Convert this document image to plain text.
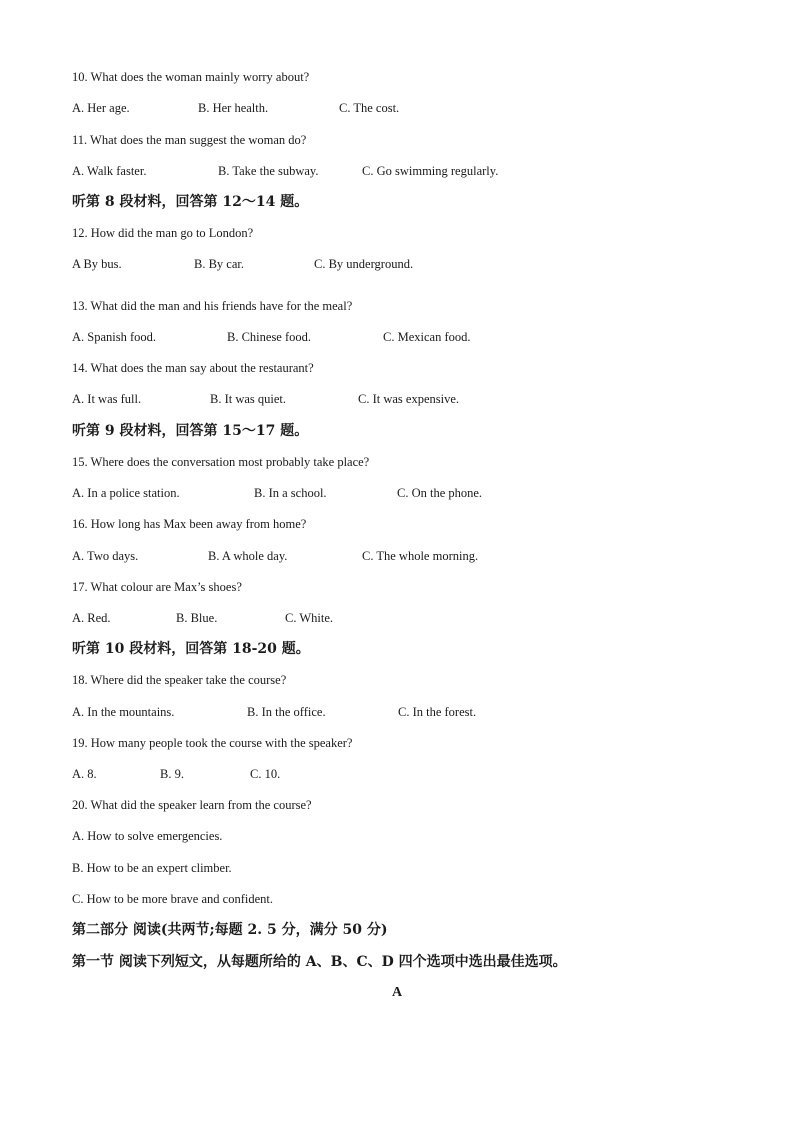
10. What does the woman mainly worry about?
A. Her age.	B. Her health.	C. The cost.
11. What does the man suggest the woman do?
A. Walk faster.	B. Take the subway.	C. Go swimming regularly.
听第 8 段材料，回答第 12～14 题。
12. How did the man go to London?
A By bus.	B. By car.	C. By underground.
13. What did the man and his friends have for the meal?
A. Spanish food.	B. Chinese food.	C. Mexican food.
14. What does the man say about the restaurant?
A. It was full.	B. It was quiet.	C. It was expensive.
听第 9 段材料，回答第 15～17 题。
15. Where does the conversation most probably take place?
A. In a police station.	B. In a school.	C. On the phone.
16. How long has Max been away from home?
A. Two days.	B. A whole day.	C. The whole morning.
17. What colour are Max’s shoes?
A. Red.	B. Blue.	C. White.
听第 10 段材料，回答第 18-20 题。
18. Where did the speaker take the course?
A. In the mountains.	B. In the office.	C. In the forest.
19. How many people took the course with the speaker?
A. 8.	B. 9.	C. 10.
20. What did the speaker learn from the course?
A. How to solve emergencies.
B. How to be an expert climber.
C. How to be more brave and confident.
第二部分 阅读(共两节;每题 2. 5 分，满分 50 分)
第一节 阅读下列短文，从每题所给的 A、B、C、D 四个选项中选出最佳选项。
A
